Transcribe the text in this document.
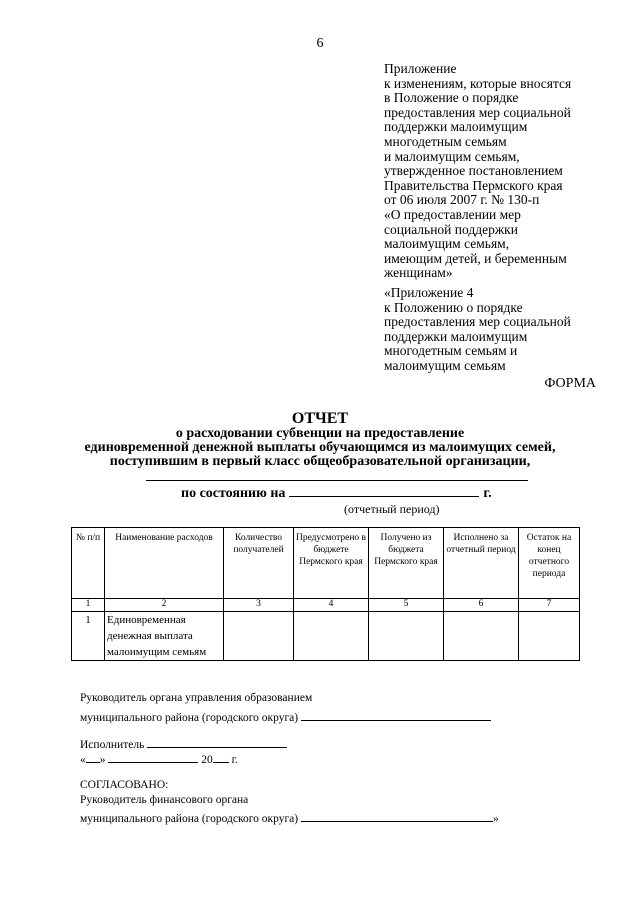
6
Приложение
к изменениям, которые вносятся
в Положение о порядке
предоставления мер социальной
поддержки малоимущим
многодетным семьям
и малоимущим семьям,
утвержденное постановлением
Правительства Пермского края
от 06 июля 2007 г. № 130-п
«О предоставлении мер
социальной поддержки
малоимущим семьям,
имеющим детей, и беременным
женщинам»
«Приложение 4
к Положению о порядке
предоставления мер социальной
поддержки малоимущим
многодетным семьям и
малоимущим семьям
ФОРМА
ОТЧЕТ
о расходовании субвенции на предоставление
единовременной денежной выплаты обучающимся из малоимущих семей,
поступившим в первый класс общеобразовательной организации,
по состоянию на	г.
(отчетный период)
№ п/п	Наименование расходов	Количество получателей	Предусмотрено в бюджете Пермского края	Получено из бюджета Пермского края	Исполнено за отчетный период	Остаток на конец отчетного периода
1	2	3	4	5	6	7
1	Единовременная денежная выплата малоимущим семьям					
Руководитель органа управления образованием
муниципального района (городского округа)
Исполнитель
« »	20 г.
СОГЛАСОВАНО:
Руководитель финансового органа
муниципального района (городского округа)	»
